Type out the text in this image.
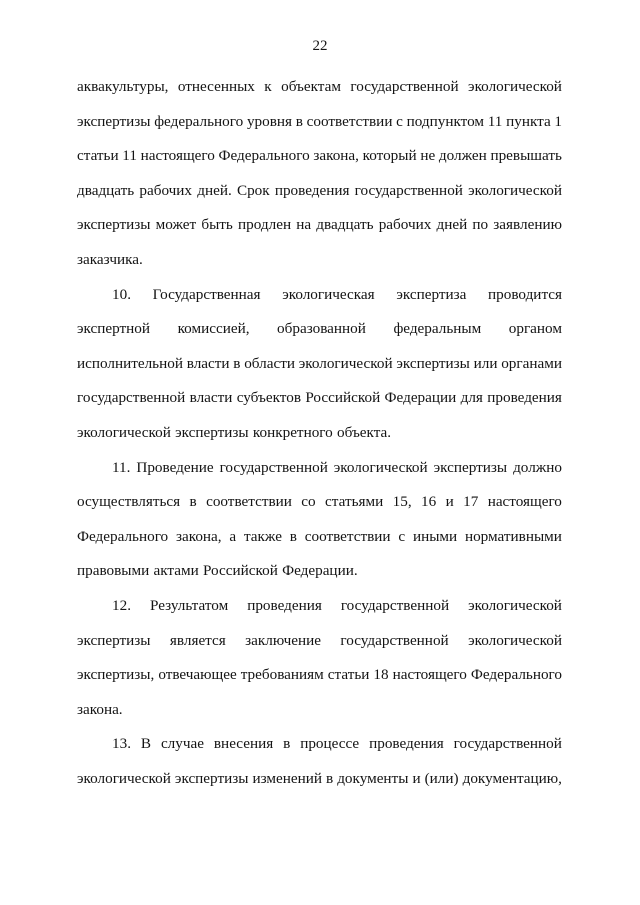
22
аквакультуры, отнесенных к объектам государственной экологической
экспертизы федерального уровня в соответствии с подпунктом 11 пункта 1
статьи 11 настоящего Федерального закона, который не должен превышать
двадцать рабочих дней. Срок проведения государственной экологической
экспертизы может быть продлен на двадцать рабочих дней по заявлению
заказчика.
10. Государственная экологическая экспертиза проводится
экспертной комиссией, образованной федеральным органом
исполнительной власти в области экологической экспертизы или органами
государственной власти субъектов Российской Федерации для проведения
экологической экспертизы конкретного объекта.
11. Проведение государственной экологической экспертизы должно
осуществляться в соответствии со статьями 15, 16 и 17 настоящего
Федерального закона, а также в соответствии с иными нормативными
правовыми актами Российской Федерации.
12. Результатом проведения государственной экологической
экспертизы является заключение государственной экологической
экспертизы, отвечающее требованиям статьи 18 настоящего Федерального
закона.
13. В случае внесения в процессе проведения государственной
экологической экспертизы изменений в документы и (или) документацию,
